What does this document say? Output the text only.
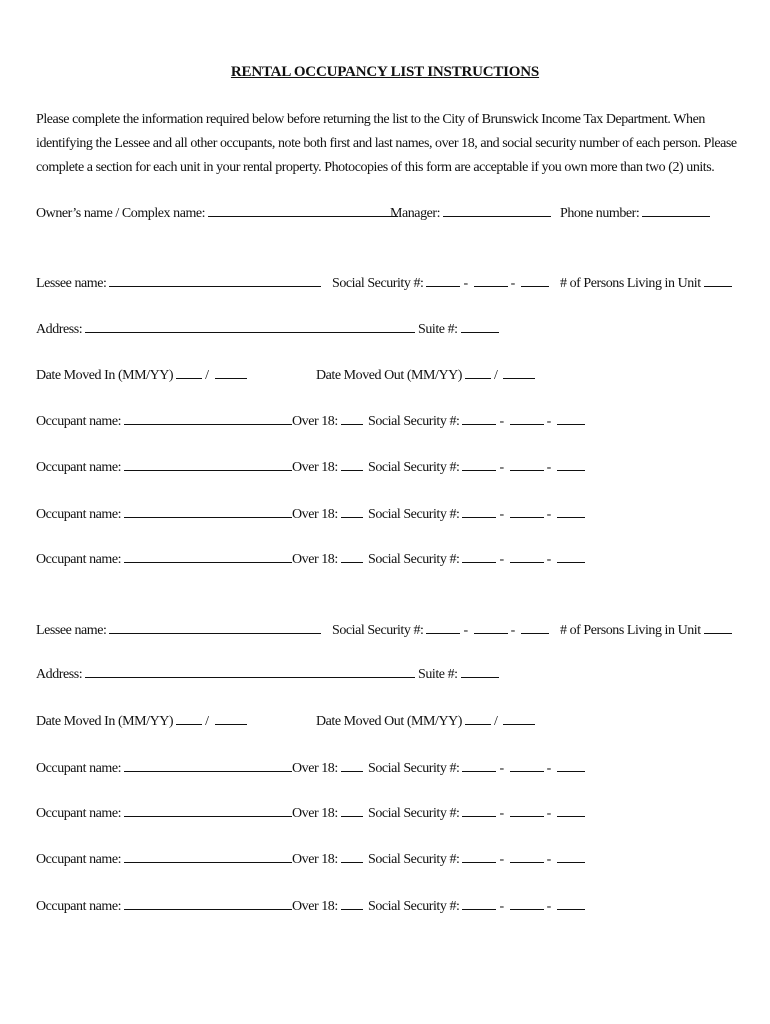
RENTAL OCCUPANCY LIST INSTRUCTIONS

Please complete the information required below before returning the list to the City of Brunswick Income Tax Department. When identifying the Lessee and all other occupants, note both first and last names, over 18, and social security number of each person. Please complete a section for each unit in your rental property. Photocopies of this form are acceptable if you own more than two (2) units.

Owner’s name / Complex name:	Manager:	Phone number:
Lessee name:	Social Security #:	-	-	# of Persons Living in Unit
Address:	Suite #:
Date Moved In (MM/YY) /	Date Moved Out (MM/YY) /
Occupant name:	Over 18:	Social Security #:	-	-
Occupant name:	Over 18:	Social Security #:	-	-
Occupant name:	Over 18:	Social Security #:	-	-
Occupant name:	Over 18:	Social Security #:	-	-
Lessee name:	Social Security #:	-	-	# of Persons Living in Unit
Address:	Suite #:
Date Moved In (MM/YY) /	Date Moved Out (MM/YY) /
Occupant name:	Over 18:	Social Security #:	-	-
Occupant name:	Over 18:	Social Security #:	-	-
Occupant name:	Over 18:	Social Security #:	-	-
Occupant name:	Over 18:	Social Security #:	-	-
